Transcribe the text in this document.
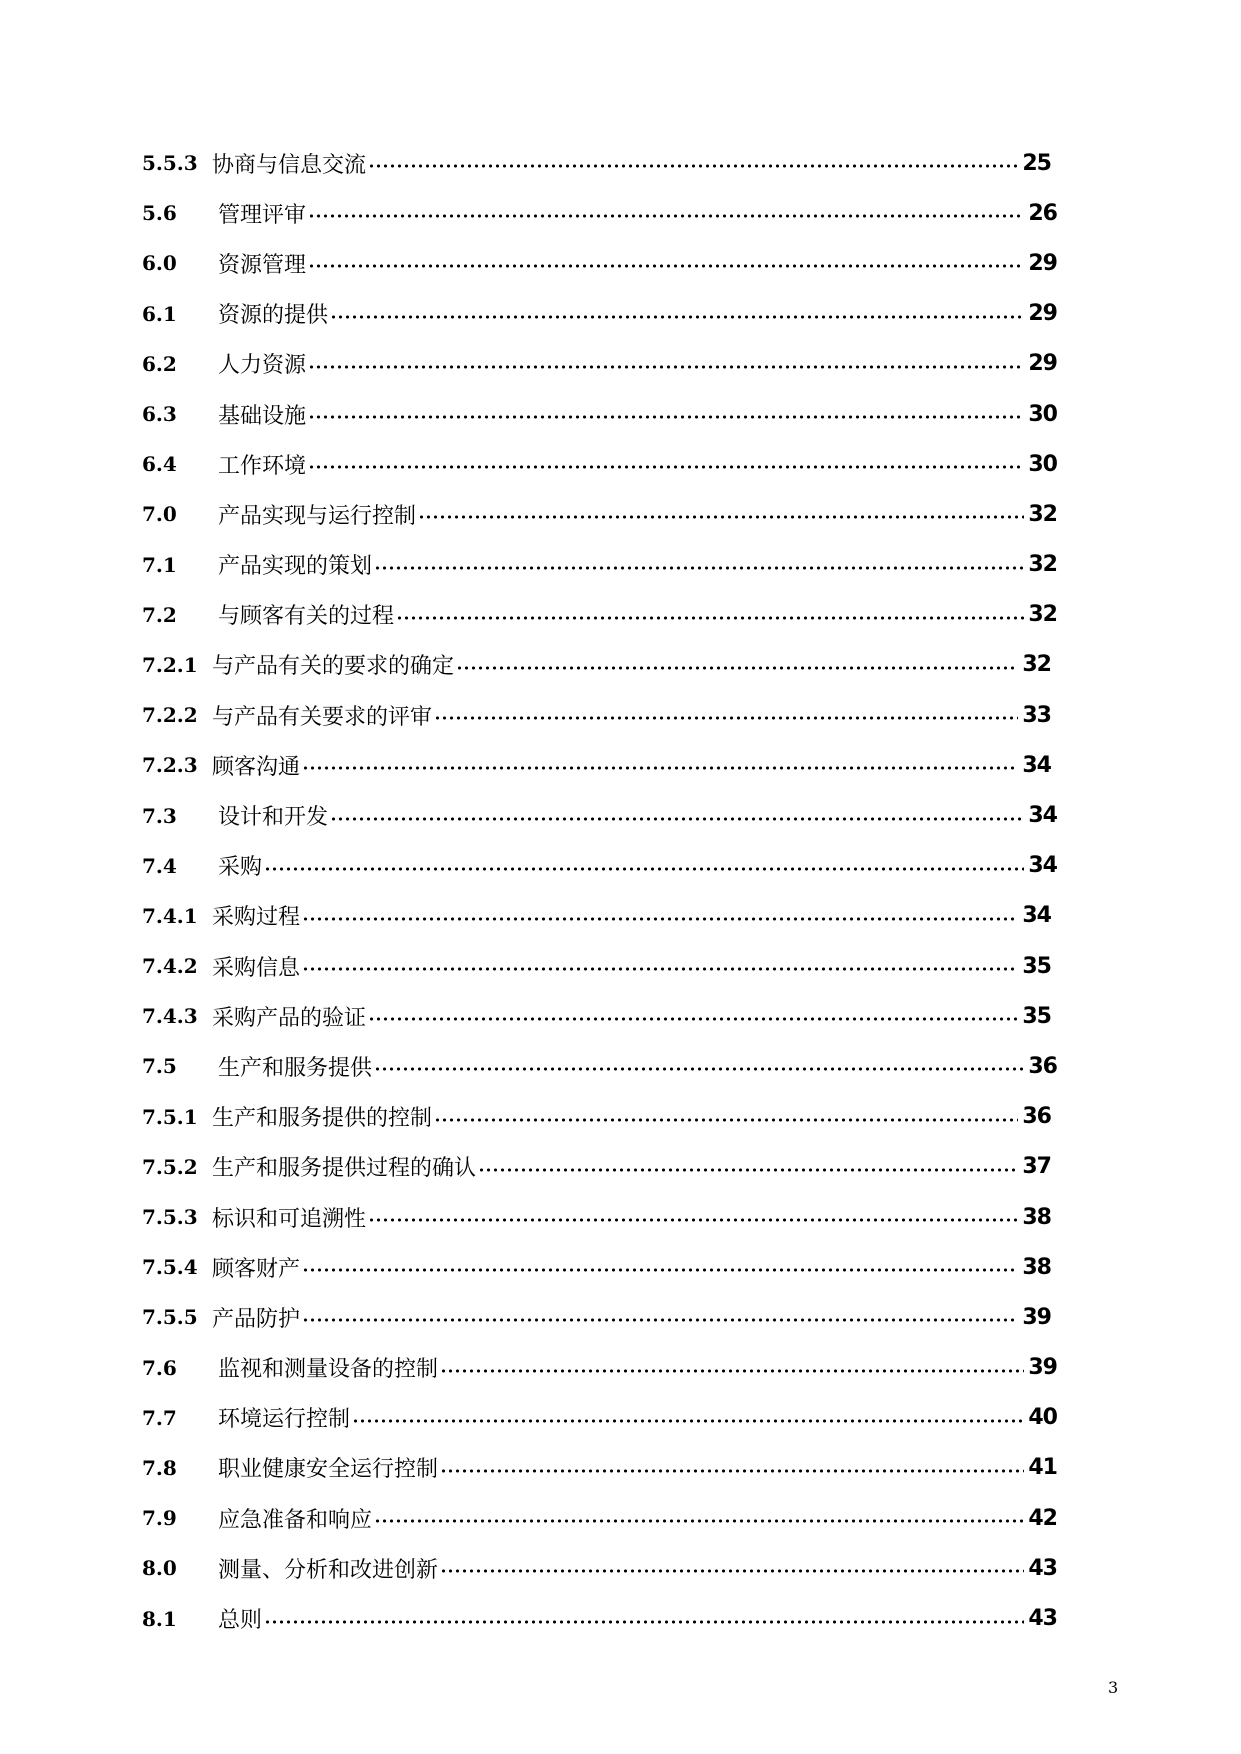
5.5.3 协商与信息交流	25
5.6	管理评审	26
6.0	资源管理	29
6.1	资源的提供	29
6.2	人力资源	29
6.3	基础设施	30
6.4	工作环境	30
7.0	产品实现与运行控制	32
7.1	产品实现的策划	32
7.2	与顾客有关的过程	32
7.2.1 与产品有关的要求的确定	32
7.2.2 与产品有关要求的评审	33
7.2.3 顾客沟通	34
7.3	设计和开发	34
7.4	采购	34
7.4.1 采购过程	34
7.4.2 采购信息	35
7.4.3 采购产品的验证	35
7.5	生产和服务提供	36
7.5.1 生产和服务提供的控制	36
7.5.2 生产和服务提供过程的确认	37
7.5.3 标识和可追溯性	38
7.5.4 顾客财产	38
7.5.5 产品防护	39
7.6	监视和测量设备的控制	39
7.7	环境运行控制	40
7.8	职业健康安全运行控制	41
7.9	应急准备和响应	42
8.0	测量、分析和改进创新	43
8.1	总则	43
3
